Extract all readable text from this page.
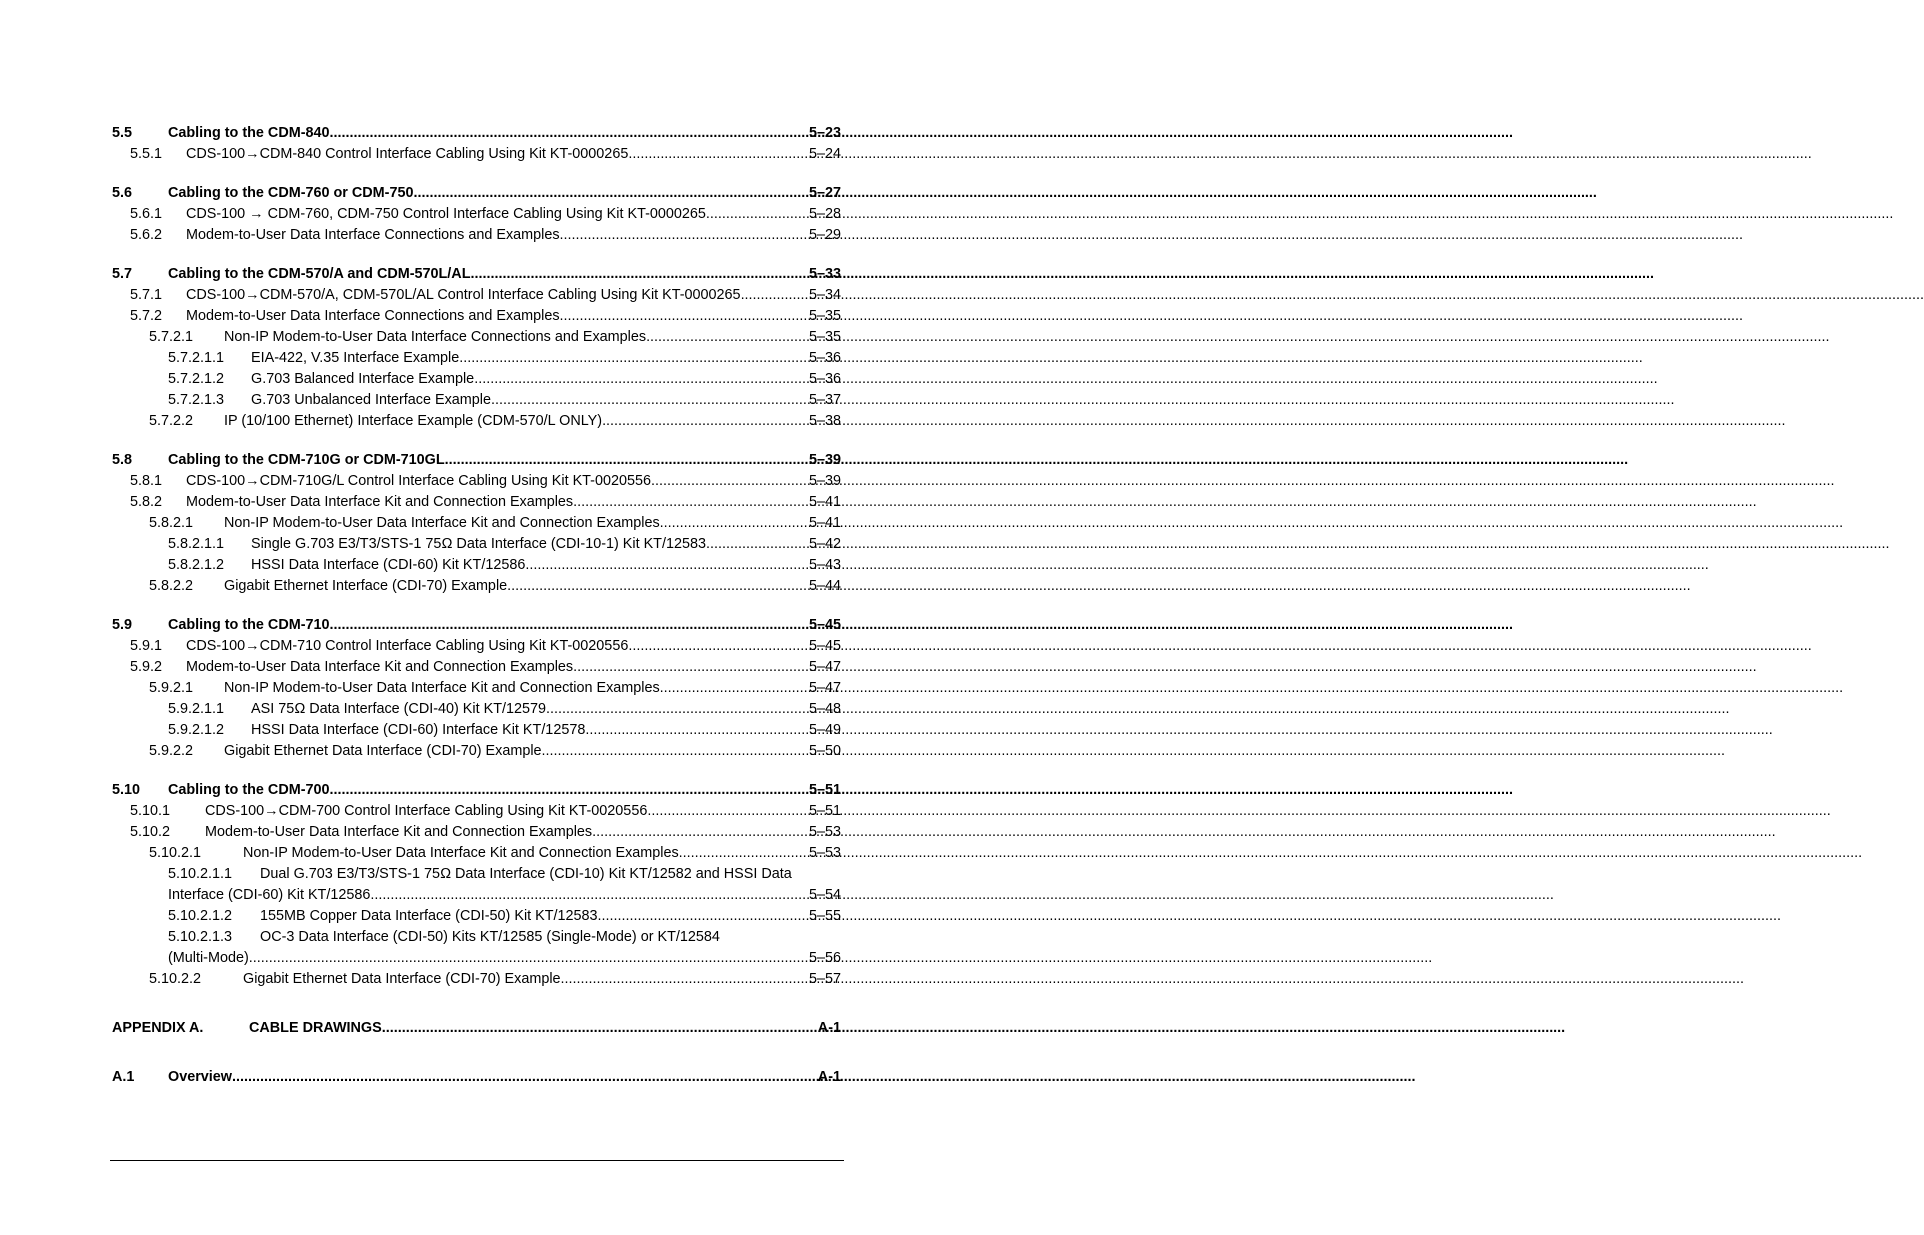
5.5	Cabling to the CDM-840 .....	5–23
5.5.1	CDS-100→CDM-840 Control Interface Cabling Using Kit KT-0000265 .....	5–24
5.6	Cabling to the CDM-760 or CDM-750 .....	5–27
5.6.1	CDS-100 → CDM-760, CDM-750 Control Interface Cabling Using Kit KT-0000265. .....	5–28
5.6.2	Modem-to-User Data Interface Connections and Examples .....	5–29
5.7	Cabling to the CDM-570/A and CDM-570L/AL .....	5–33
5.7.1	CDS-100→CDM-570/A, CDM-570L/AL Control Interface Cabling Using Kit KT-0000265 .....	5–34
5.7.2	Modem-to-User Data Interface Connections and Examples .....	5–35
5.7.2.1	Non-IP Modem-to-User Data Interface Connections and Examples .....	5–35
5.7.2.1.1	EIA-422, V.35 Interface Example .....	5–36
5.7.2.1.2	G.703 Balanced Interface Example .....	5–36
5.7.2.1.3	G.703 Unbalanced Interface Example .....	5–37
5.7.2.2	IP (10/100 Ethernet) Interface Example (CDM-570/L ONLY) .....	5–38
5.8	Cabling to the CDM-710G or CDM-710GL .....	5–39
5.8.1	CDS-100→CDM-710G/L Control Interface Cabling Using Kit KT-0020556 .....	5–39
5.8.2	Modem-to-User Data Interface Kit and Connection Examples .....	5–41
5.8.2.1	Non-IP Modem-to-User Data Interface Kit and Connection Examples .....	5–41
5.8.2.1.1	Single G.703 E3/T3/STS-1 75Ω Data Interface (CDI-10-1) Kit KT/12583 .....	5–42
5.8.2.1.2	HSSI Data Interface (CDI-60) Kit KT/12586 .....	5–43
5.8.2.2	Gigabit Ethernet Interface (CDI-70) Example .....	5–44
5.9	Cabling to the CDM-710 .....	5–45
5.9.1	CDS-100→CDM-710 Control Interface Cabling Using Kit KT-0020556 .....	5–45
5.9.2	Modem-to-User Data Interface Kit and Connection Examples .....	5–47
5.9.2.1	Non-IP Modem-to-User Data Interface Kit and Connection Examples .....	5–47
5.9.2.1.1	ASI 75Ω Data Interface (CDI-40) Kit KT/12579 .....	5–48
5.9.2.1.2	HSSI Data Interface (CDI-60) Interface Kit KT/12578. .....	5–49
5.9.2.2	Gigabit Ethernet Data Interface (CDI-70) Example .....	5–50
5.10	Cabling to the CDM-700 .....	5–51
5.10.1	CDS-100→CDM-700 Control Interface Cabling Using Kit KT-0020556 .....	5–51
5.10.2	Modem-to-User Data Interface Kit and Connection Examples .....	5–53
5.10.2.1	Non-IP Modem-to-User Data Interface Kit and Connection Examples .....	5–53
5.10.2.1.1	Dual G.703 E3/T3/STS-1 75Ω Data Interface (CDI-10) Kit KT/12582 and HSSI Data
Interface (CDI-60) Kit KT/12586 .....	5–54
5.10.2.1.2	155MB Copper Data Interface (CDI-50) Kit KT/12583 .....	5–55
5.10.2.1.3	OC-3 Data Interface (CDI-50) Kits KT/12585 (Single-Mode) or KT/12584
(Multi-Mode) .....	5–56
5.10.2.2	Gigabit Ethernet Data Interface (CDI-70) Example .....	5–57
APPENDIX A.	CABLE DRAWINGS .....	A-1
A.1	Overview .....	A-1
